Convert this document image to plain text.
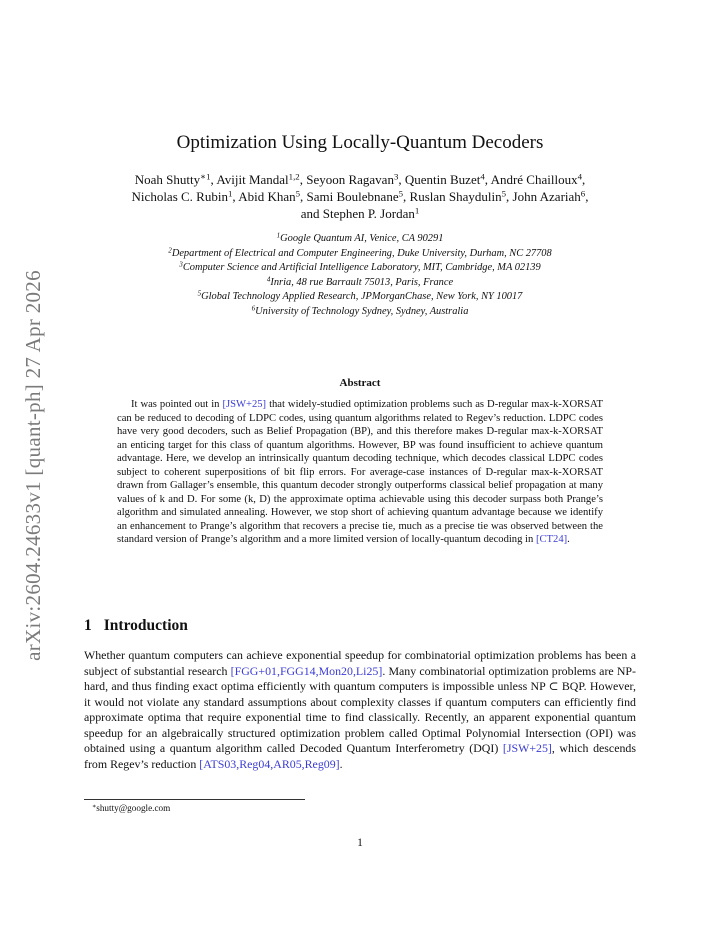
arXiv:2604.24633v1 [quant-ph] 27 Apr 2026
Optimization Using Locally-Quantum Decoders
Noah Shutty$^{∗1}$, Avijit Mandal$^{1,2}$, Seyoon Ragavan$^3$, Quentin Buzet$^4$, André Chailloux$^4$,
Nicholas C. Rubin$^1$, Abid Khan$^5$, Sami Boulebnane$^5$, Ruslan Shaydulin$^5$, John Azariah$^6$,
and Stephen P. Jordan$^1$
$^1$Google Quantum AI, Venice, CA 90291
$^2$Department of Electrical and Computer Engineering, Duke University, Durham, NC 27708
$^3$Computer Science and Artificial Intelligence Laboratory, MIT, Cambridge, MA 02139
$^4$Inria, 48 rue Barrault 75013, Paris, France
$^5$Global Technology Applied Research, JPMorganChase, New York, NY 10017
$^6$University of Technology Sydney, Sydney, Australia
Abstract
It was pointed out in [JSW+25] that widely-studied optimization problems such as D-regular max-k-XORSAT can be reduced to decoding of LDPC codes, using quantum algorithms related to Regev’s reduction. LDPC codes have very good decoders, such as Belief Propagation (BP), and this therefore makes D-regular max-k-XORSAT an enticing target for this class of quantum algorithms. However, BP was found insufficient to achieve quantum advantage. Here, we develop an intrinsically quantum decoding technique, which decodes classical LDPC codes subject to coherent superpositions of bit flip errors. For average-case instances of D-regular max-k-XORSAT drawn from Gallager’s ensemble, this quantum decoder strongly outperforms classical belief propagation at many values of k and D. For some (k, D) the approximate optima achievable using this decoder surpass both Prange’s algorithm and simulated annealing. However, we stop short of achieving quantum advantage because we identify an enhancement to Prange’s algorithm that recovers a precise tie, much as a precise tie was observed between the standard version of Prange’s algorithm and a more limited version of locally-quantum decoding in [CT24].
1 Introduction
Whether quantum computers can achieve exponential speedup for combinatorial optimization problems has been a subject of substantial research [FGG+01,FGG14,Mon20,Li25]. Many combinatorial optimization problems are NP-hard, and thus finding exact optima efficiently with quantum computers is impossible unless NP ⊂ BQP. However, it would not violate any standard assumptions about complexity classes if quantum computers can efficiently find approximate optima that require exponential time to find classically. Recently, an apparent exponential quantum speedup for an algebraically structured optimization problem called Optimal Polynomial Intersection (OPI) was obtained using a quantum algorithm called Decoded Quantum Interferometry (DQI) [JSW+25], which descends from Regev’s reduction [ATS03,Reg04,AR05,Reg09].
∗shutty@google.com
1
